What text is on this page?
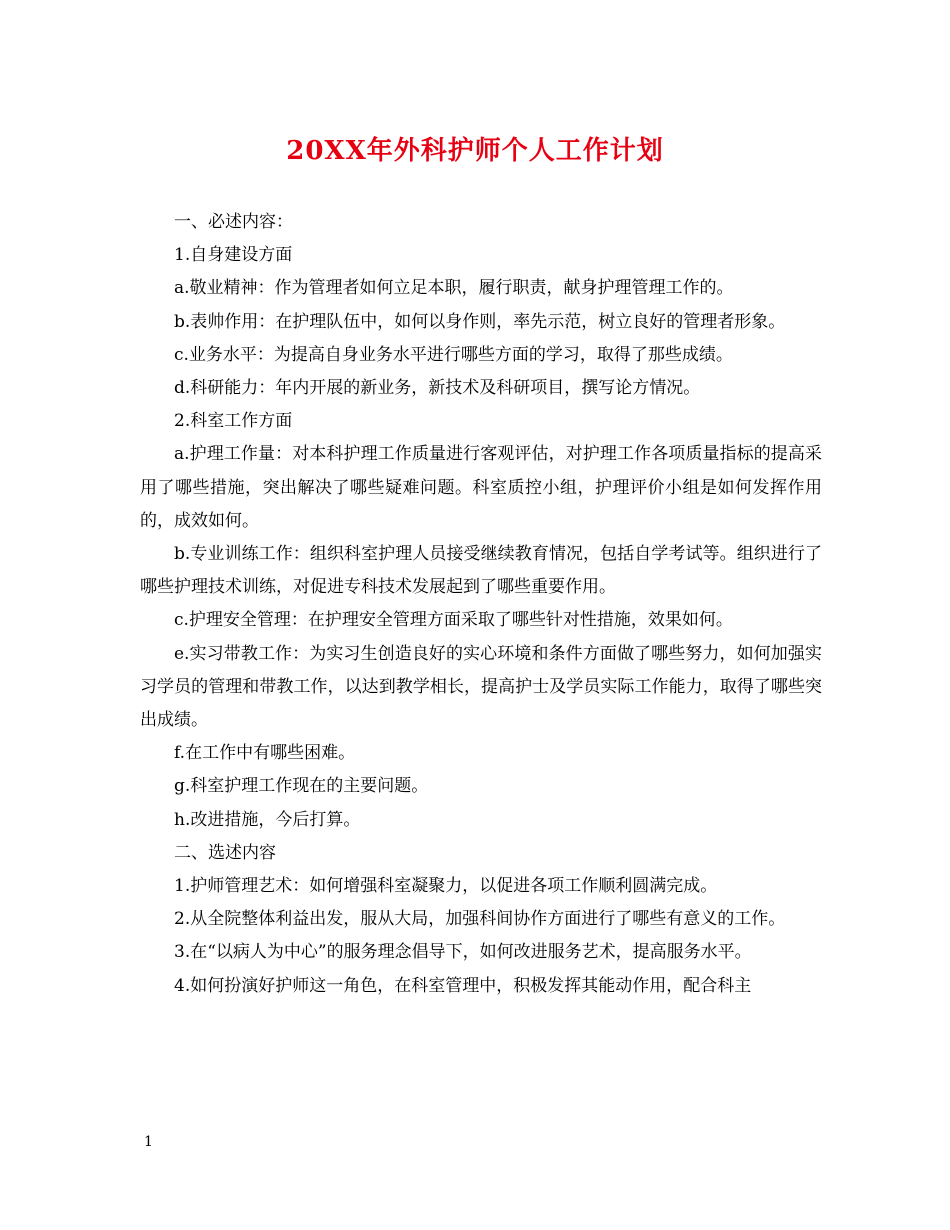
20XX年外科护师个人工作计划

一、必述内容：

1.自身建设方面

a.敬业精神：作为管理者如何立足本职，履行职责，献身护理管理工作的。

b.表帅作用：在护理队伍中，如何以身作则，率先示范，树立良好的管理者形象。

c.业务水平：为提高自身业务水平进行哪些方面的学习，取得了那些成绩。

d.科研能力：年内开展的新业务，新技术及科研项目，撰写论方情况。

2.科室工作方面

a.护理工作量：对本科护理工作质量进行客观评估，对护理工作各项质量指标的提高采用了哪些措施，突出解决了哪些疑难问题。科室质控小组，护理评价小组是如何发挥作用的，成效如何。

b.专业训练工作：组织科室护理人员接受继续教育情况，包括自学考试等。组织进行了哪些护理技术训练，对促进专科技术发展起到了哪些重要作用。

c.护理安全管理：在护理安全管理方面采取了哪些针对性措施，效果如何。

e.实习带教工作：为实习生创造良好的实心环境和条件方面做了哪些努力，如何加强实习学员的管理和带教工作，以达到教学相长，提高护士及学员实际工作能力，取得了哪些突出成绩。

f.在工作中有哪些困难。

g.科室护理工作现在的主要问题。

h.改进措施，今后打算。

二、选述内容

1.护师管理艺术：如何增强科室凝聚力，以促进各项工作顺利圆满完成。

2.从全院整体利益出发，服从大局，加强科间协作方面进行了哪些有意义的工作。

3.在“以病人为中心”的服务理念倡导下，如何改进服务艺术，提高服务水平。

4.如何扮演好护师这一角色，在科室管理中，积极发挥其能动作用，配合科主

1
